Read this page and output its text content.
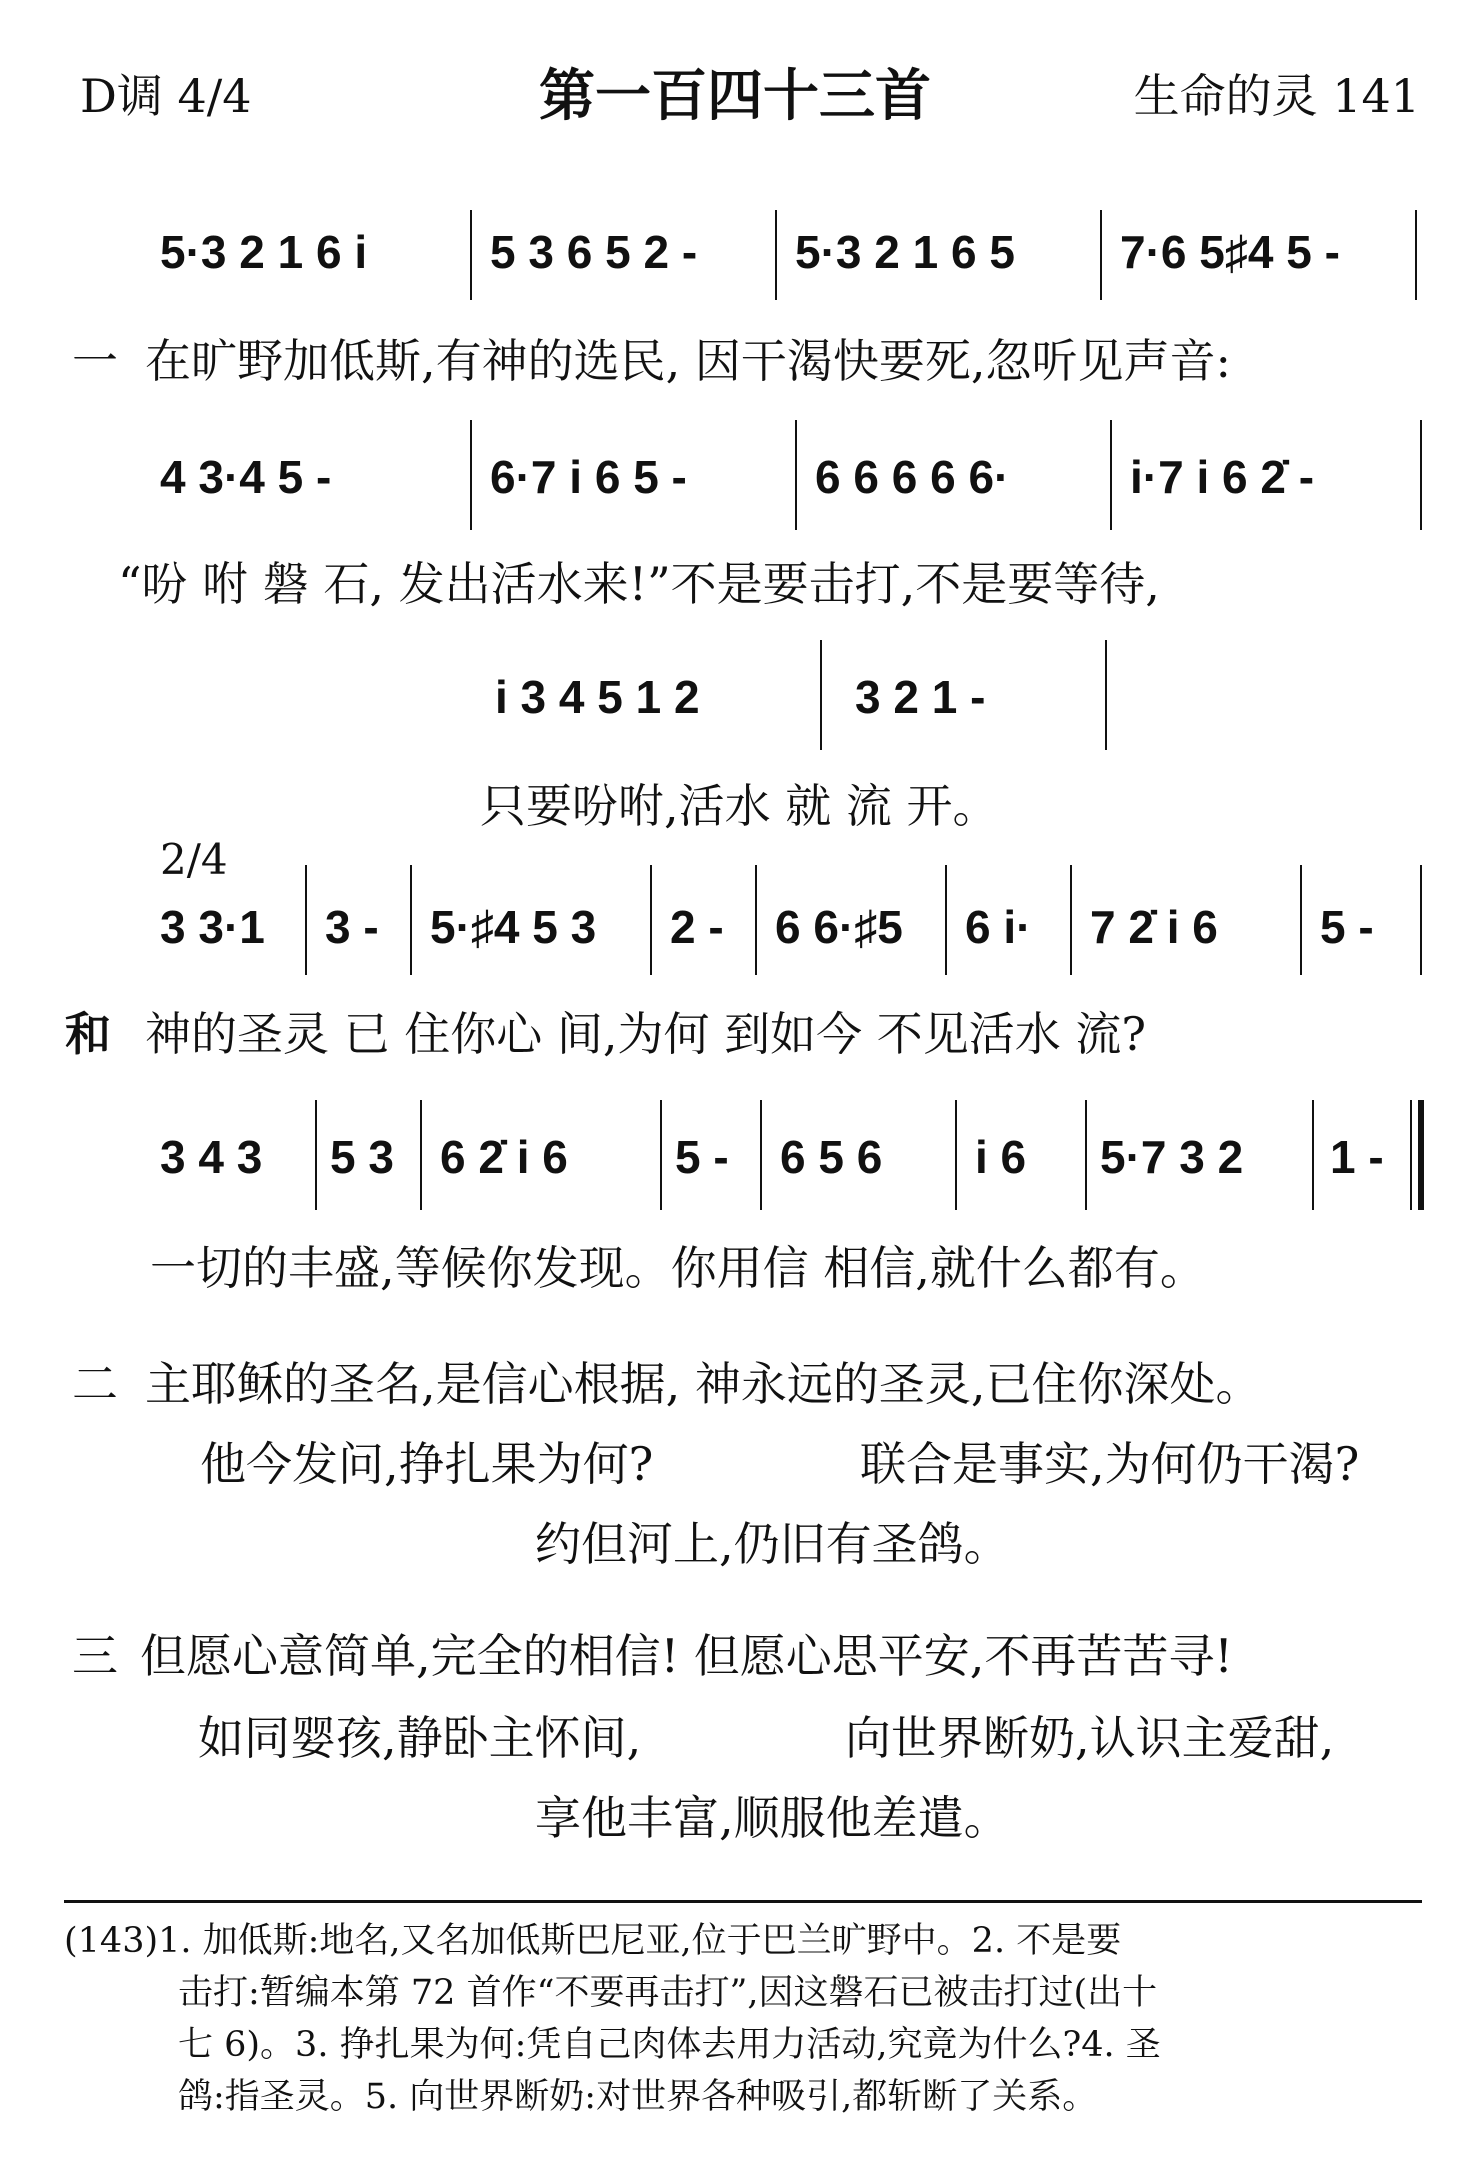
D调 4/4	第一百四十三首	生命的灵 141
5·3 2 1 6 i	5 3 6 5 2 - 5·3 2 1 6 5 7·6 5♯4 5 -
一 在旷野加低斯,有神的选民, 因干渴快要死,忽听见声音:
4 3·4 5 -	6·7 i 6 5 -	6 6 6 6 6·	i·7 i 6 2̇ -
“吩 咐 磐 石, 发出活水来!”不是要击打,不是要等待,
i 3 4 5 1 2	3 2 1 -
只要吩咐,活水 就 流 开。
2/4
3 3·1 3 - 5·♯4 5 3 2 - 6 6·♯5 6 i· 7 2̇ i 6 5 -
和 神的圣灵 已 住你心 间,为何 到如今 不见活水 流?
3 4 3 5 3 6 2̇ i 6 5 - 6 5 6 i 6 5·7 3 2 1 -
一切的丰盛,等候你发现。你用信 相信,就什么都有。
二 主耶稣的圣名,是信心根据, 神永远的圣灵,已住你深处。
他今发问,挣扎果为何?	联合是事实,为何仍干渴?
约但河上,仍旧有圣鸽。
三 但愿心意简单,完全的相信! 但愿心思平安,不再苦苦寻!
如同婴孩,静卧主怀间,	向世界断奶,认识主爱甜,
享他丰富,顺服他差遣。
(143)1. 加低斯:地名,又名加低斯巴尼亚,位于巴兰旷野中。2. 不是要
击打:暂编本第 72 首作“不要再击打”,因这磐石已被击打过(出十
七 6)。3. 挣扎果为何:凭自己肉体去用力活动,究竟为什么?4. 圣
鸽:指圣灵。5. 向世界断奶:对世界各种吸引,都斩断了关系。
